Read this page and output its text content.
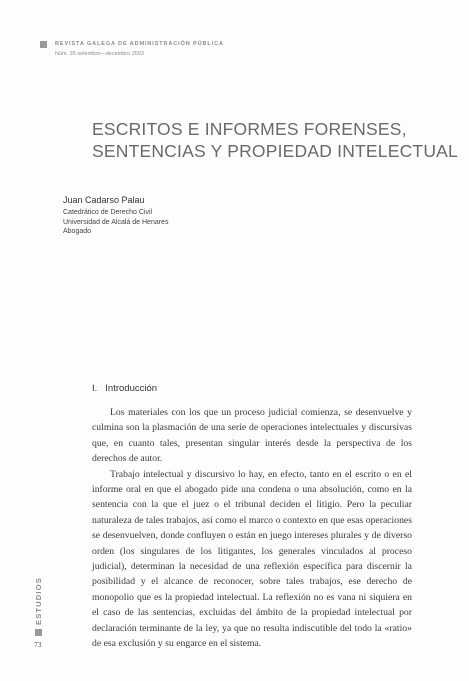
REVISTA GALEGA DE ADMINISTRACIÓN PÚBLICA
Núm. 35 setembro—decembro 2003
ESCRITOS E INFORMES FORENSES,
SENTENCIAS Y PROPIEDAD INTELECTUAL
Juan Cadarso Palau
Catedrático de Derecho Civil
Universidad de Alcalá de Henares
Abogado
I. Introducción

Los materiales con los que un proceso judicial comienza, se desenvuelve y culmina son la plasmación de una serie de operaciones intelectuales y discursivas que, en cuanto tales, presentan singular interés desde la perspectiva de los derechos de autor.

Trabajo intelectual y discursivo lo hay, en efecto, tanto en el escrito o en el informe oral en que el abogado pide una condena o una absolución, como en la sentencia con la que el juez o el tribunal deciden el litigio. Pero la peculiar naturaleza de tales trabajos, así como el marco o contexto en que esas operaciones se desenvuelven, donde confluyen o están en juego intereses plurales y de diverso orden (los singulares de los litigantes, los generales vinculados al proceso judicial), determinan la necesidad de una reflexión específica para discernir la posibilidad y el alcance de reconocer, sobre tales trabajos, ese derecho de monopolio que es la propiedad intelectual. La reflexión no es vana ni siquiera en el caso de las sentencias, excluidas del ámbito de la propiedad intelectual por declaración terminante de la ley, ya que no resulta indiscutible del todo la «ratio» de esa exclusión y su engarce en el sistema.

ESTUDIOS
73
